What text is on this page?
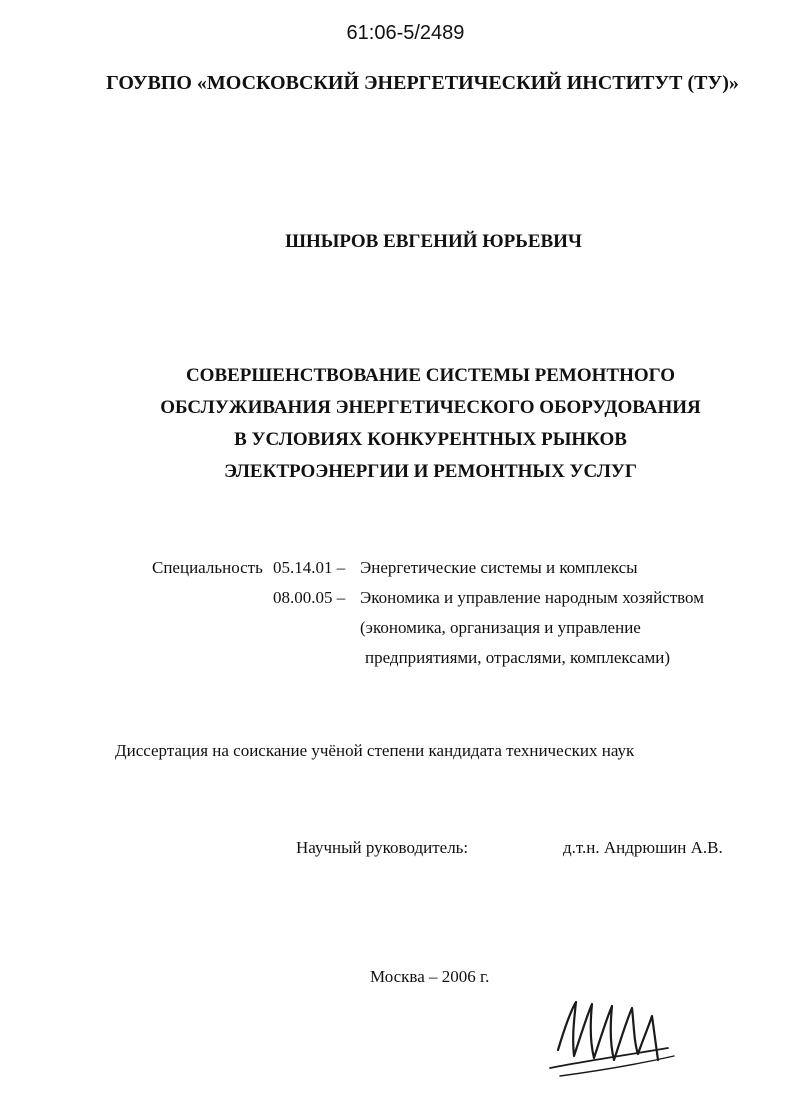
61:06-5/2489
ГОУВПО «МОСКОВСКИЙ ЭНЕРГЕТИЧЕСКИЙ ИНСТИТУТ (ТУ)»
ШНЫРОВ ЕВГЕНИЙ ЮРЬЕВИЧ
СОВЕРШЕНСТВОВАНИЕ СИСТЕМЫ РЕМОНТНОГО
ОБСЛУЖИВАНИЯ ЭНЕРГЕТИЧЕСКОГО ОБОРУДОВАНИЯ
В УСЛОВИЯХ КОНКУРЕНТНЫХ РЫНКОВ
ЭЛЕКТРОЭНЕРГИИ И РЕМОНТНЫХ УСЛУГ
Специальность 05.14.01 – Энергетические системы и комплексы
08.00.05 – Экономика и управление народным хозяйством
(экономика, организация и управление
предприятиями, отраслями, комплексами)
Диссертация на соискание учёной степени кандидата технических наук
Научный руководитель:	д.т.н. Андрюшин А.В.
Москва – 2006 г.
